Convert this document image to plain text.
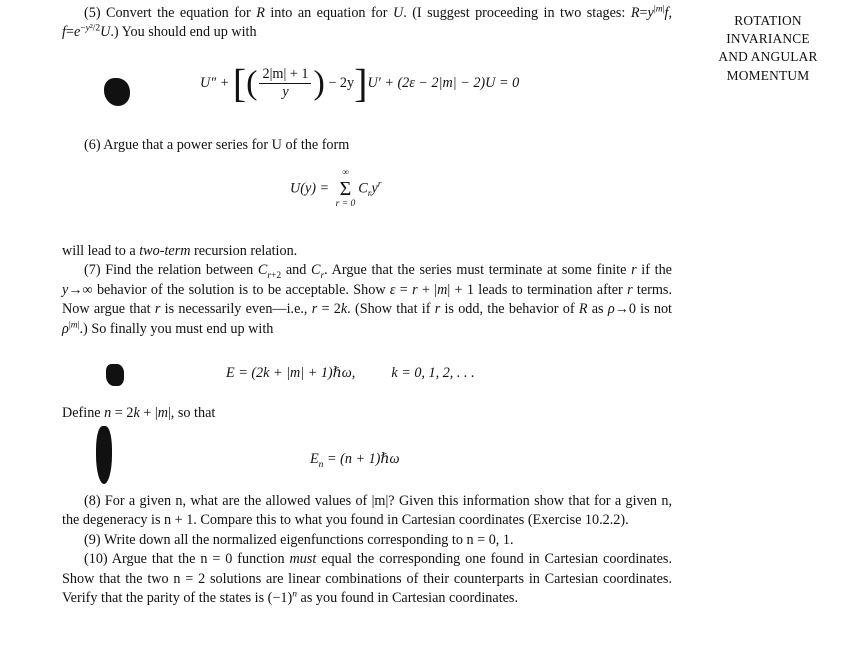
ROTATION
INVARIANCE
AND ANGULAR
MOMENTUM

(5) Convert the equation for R into an equation for U. (I suggest proceeding in two stages: $R=y^{|m|}f$, $f=e^{-y^2/2}U$.) You should end up with

U″ + [( $\frac{2|m| + 1}{y}$ ) − 2y]U′ + (2ε − 2|m| − 2)U = 0

(6) Argue that a power series for U of the form

U(y) =
∞
Σ
r = 0
$C_ry^r$

will lead to a two-term recursion relation.

(7) Find the relation between $C_{r+2}$ and $C_r$. Argue that the series must terminate at some finite r if the y→∞ behavior of the solution is to be acceptable. Show ε = r + |m| + 1 leads to termination after r terms. Now argue that r is necessarily even—i.e., r = 2k. (Show that if r is odd, the behavior of R as ρ→0 is not $\rho^{|m|}$.) So finally you must end up with

E = (2k + |m| + 1)ℏω,	k = 0, 1, 2, . . .

Define n = 2k + |m|, so that

$E_n = (n$ + 1)ℏω

(8) For a given n, what are the allowed values of |m|? Given this information show that for a given n, the degeneracy is n + 1. Compare this to what you found in Cartesian coordinates (Exercise 10.2.2).

(9) Write down all the normalized eigenfunctions corresponding to n = 0, 1.

(10) Argue that the n = 0 function must equal the corresponding one found in Cartesian coordinates. Show that the two n = 2 solutions are linear combinations of their counterparts in Cartesian coordinates. Verify that the parity of the states is $(-1)^n$ as you found in Cartesian coordinates.
